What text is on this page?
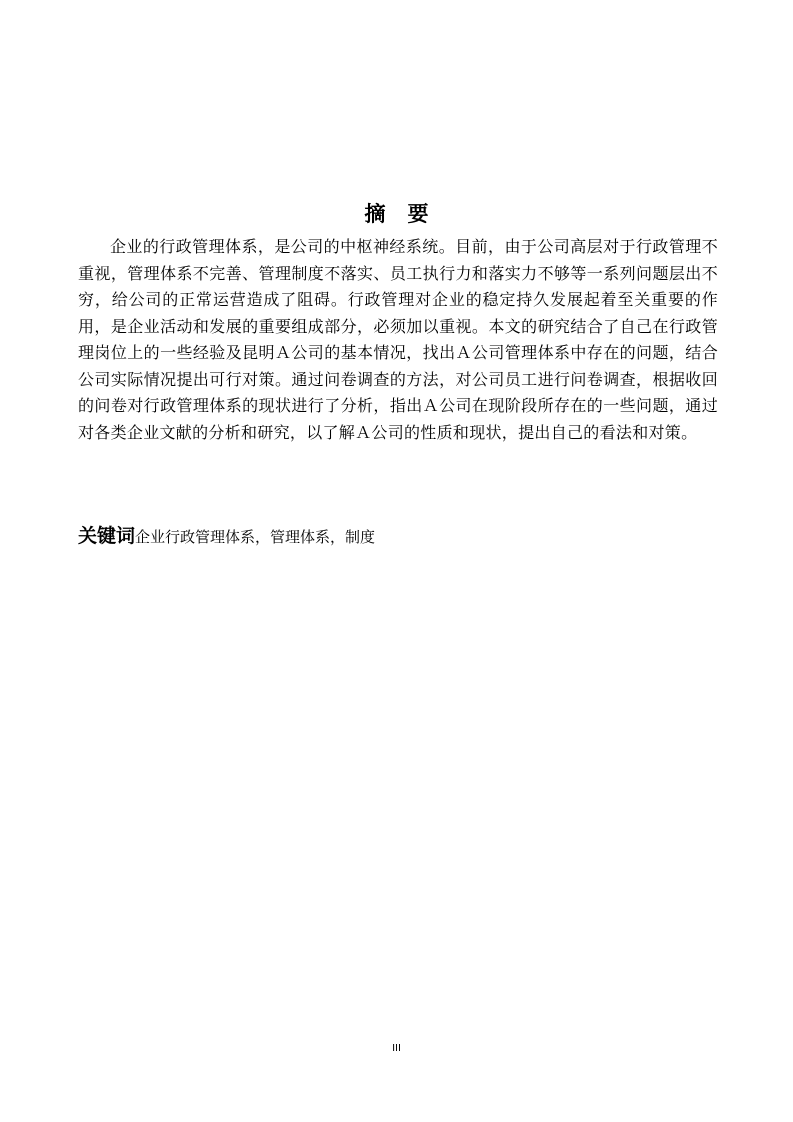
摘 要

企业的行政管理体系，是公司的中枢神经系统。目前，由于公司高层对于行政管理不重视，管理体系不完善、管理制度不落实、员工执行力和落实力不够等一系列问题层出不穷，给公司的正常运营造成了阻碍。行政管理对企业的稳定持久发展起着至关重要的作用，是企业活动和发展的重要组成部分，必须加以重视。本文的研究结合了自己在行政管理岗位上的一些经验及昆明Ａ公司的基本情况，找出Ａ公司管理体系中存在的问题，结合公司实际情况提出可行对策。通过问卷调查的方法，对公司员工进行问卷调查，根据收回的问卷对行政管理体系的现状进行了分析，指出Ａ公司在现阶段所存在的一些问题，通过对各类企业文献的分析和研究，以了解Ａ公司的性质和现状，提出自己的看法和对策。

关键词企业行政管理体系，管理体系，制度
III
